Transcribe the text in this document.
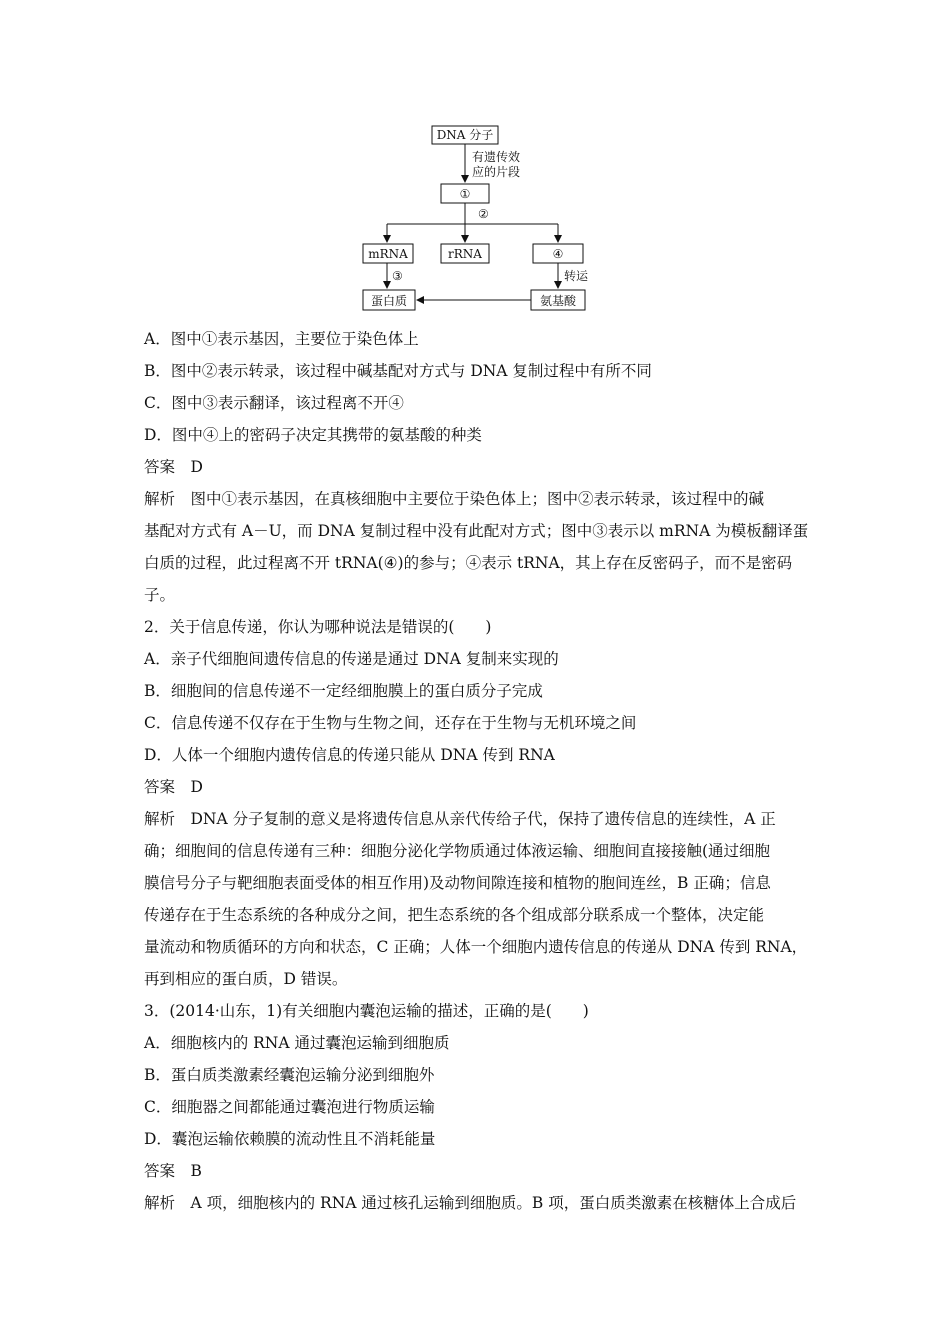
DNA 分子
有遗传效
应的片段
①
②
mRNA	rRNA	④
③	转运
蛋白质	氨基酸
A．图中①表示基因，主要位于染色体上
B．图中②表示转录，该过程中碱基配对方式与 DNA 复制过程中有所不同
C．图中③表示翻译，该过程离不开④
D．图中④上的密码子决定其携带的氨基酸的种类
答案　D
解析　图中①表示基因，在真核细胞中主要位于染色体上；图中②表示转录，该过程中的碱
基配对方式有 A－U，而 DNA 复制过程中没有此配对方式；图中③表示以 mRNA 为模板翻译蛋
白质的过程，此过程离不开 tRNA(④)的参与；④表示 tRNA，其上存在反密码子，而不是密码
子。
2．关于信息传递，你认为哪种说法是错误的(　　)
A．亲子代细胞间遗传信息的传递是通过 DNA 复制来实现的
B．细胞间的信息传递不一定经细胞膜上的蛋白质分子完成
C．信息传递不仅存在于生物与生物之间，还存在于生物与无机环境之间
D．人体一个细胞内遗传信息的传递只能从 DNA 传到 RNA
答案　D
解析　DNA 分子复制的意义是将遗传信息从亲代传给子代，保持了遗传信息的连续性，A 正
确；细胞间的信息传递有三种：细胞分泌化学物质通过体液运输、细胞间直接接触(通过细胞
膜信号分子与靶细胞表面受体的相互作用)及动物间隙连接和植物的胞间连丝，B 正确；信息
传递存在于生态系统的各种成分之间，把生态系统的各个组成部分联系成一个整体，决定能
量流动和物质循环的方向和状态，C 正确；人体一个细胞内遗传信息的传递从 DNA 传到 RNA，
再到相应的蛋白质，D 错误。
3．(2014·山东，1)有关细胞内囊泡运输的描述，正确的是(　　)
A．细胞核内的 RNA 通过囊泡运输到细胞质
B．蛋白质类激素经囊泡运输分泌到细胞外
C．细胞器之间都能通过囊泡进行物质运输
D．囊泡运输依赖膜的流动性且不消耗能量
答案　B
解析　A 项，细胞核内的 RNA 通过核孔运输到细胞质。B 项，蛋白质类激素在核糖体上合成后
